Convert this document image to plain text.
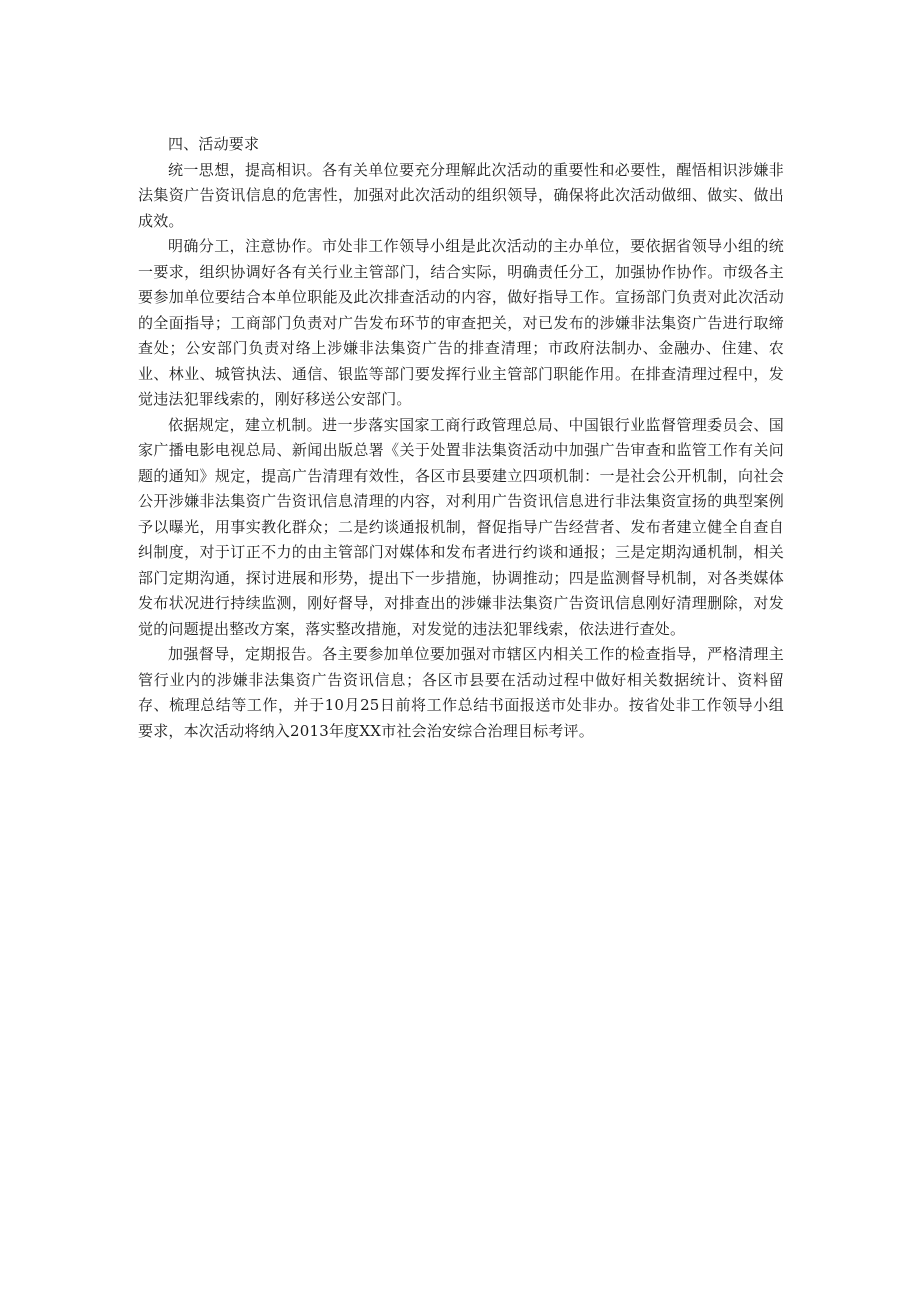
四、活动要求

统一思想，提高相识。各有关单位要充分理解此次活动的重要性和必要性，醒悟相识涉嫌非法集资广告资讯信息的危害性，加强对此次活动的组织领导，确保将此次活动做细、做实、做出成效。

明确分工，注意协作。市处非工作领导小组是此次活动的主办单位，要依据省领导小组的统一要求，组织协调好各有关行业主管部门，结合实际，明确责任分工，加强协作协作。市级各主要参加单位要结合本单位职能及此次排查活动的内容，做好指导工作。宣扬部门负责对此次活动的全面指导；工商部门负责对广告发布环节的审查把关，对已发布的涉嫌非法集资广告进行取缔查处；公安部门负责对络上涉嫌非法集资广告的排查清理；市政府法制办、金融办、住建、农业、林业、城管执法、通信、银监等部门要发挥行业主管部门职能作用。在排查清理过程中，发觉违法犯罪线索的，刚好移送公安部门。

依据规定，建立机制。进一步落实国家工商行政管理总局、中国银行业监督管理委员会、国家广播电影电视总局、新闻出版总署《关于处置非法集资活动中加强广告审查和监管工作有关问题的通知》规定，提高广告清理有效性，各区市县要建立四项机制：一是社会公开机制，向社会公开涉嫌非法集资广告资讯信息清理的内容，对利用广告资讯信息进行非法集资宣扬的典型案例予以曝光，用事实教化群众；二是约谈通报机制，督促指导广告经营者、发布者建立健全自查自纠制度，对于订正不力的由主管部门对媒体和发布者进行约谈和通报；三是定期沟通机制，相关部门定期沟通，探讨进展和形势，提出下一步措施，协调推动；四是监测督导机制，对各类媒体发布状况进行持续监测，刚好督导，对排查出的涉嫌非法集资广告资讯信息刚好清理删除，对发觉的问题提出整改方案，落实整改措施，对发觉的违法犯罪线索，依法进行查处。

加强督导，定期报告。各主要参加单位要加强对市辖区内相关工作的检查指导，严格清理主管行业内的涉嫌非法集资广告资讯信息；各区市县要在活动过程中做好相关数据统计、资料留存、梳理总结等工作，并于10月25日前将工作总结书面报送市处非办。按省处非工作领导小组要求，本次活动将纳入2013年度XX市社会治安综合治理目标考评。
